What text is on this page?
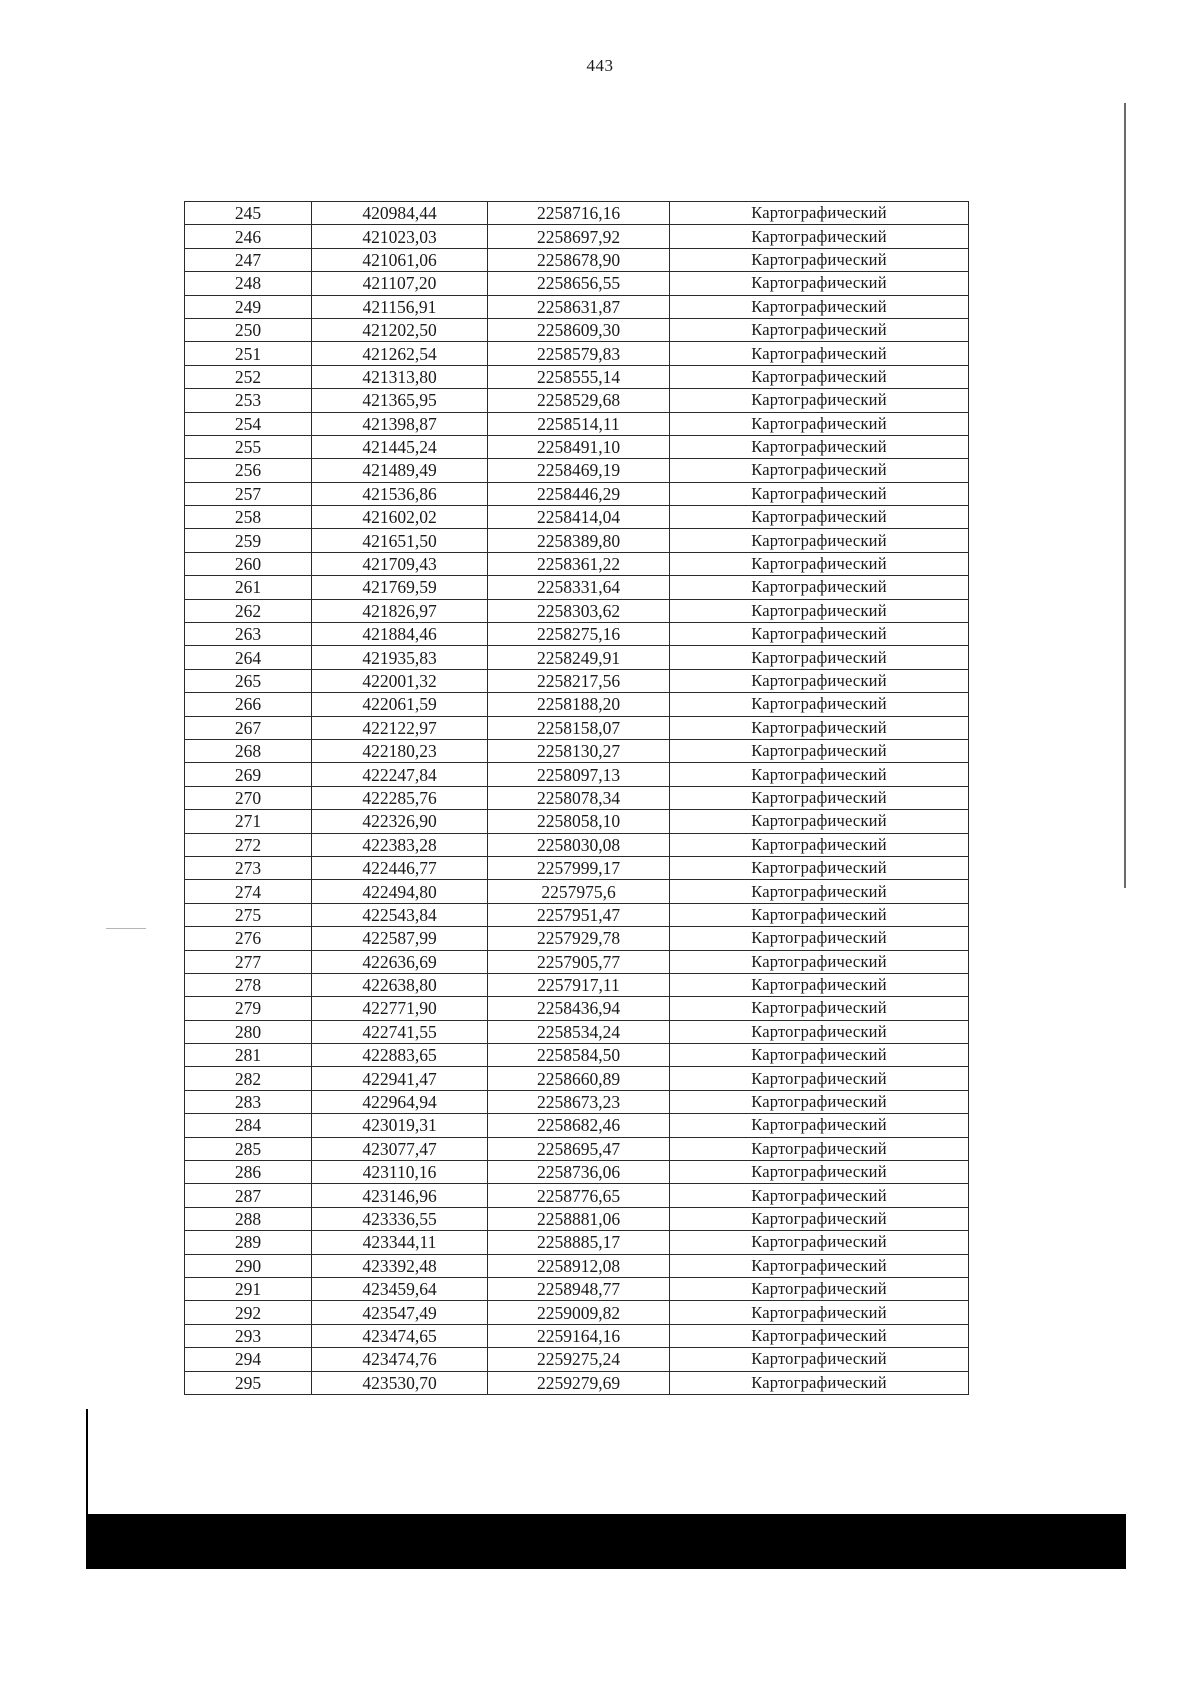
443
245	420984,44	2258716,16	Картографический
246	421023,03	2258697,92	Картографический
247	421061,06	2258678,90	Картографический
248	421107,20	2258656,55	Картографический
249	421156,91	2258631,87	Картографический
250	421202,50	2258609,30	Картографический
251	421262,54	2258579,83	Картографический
252	421313,80	2258555,14	Картографический
253	421365,95	2258529,68	Картографический
254	421398,87	2258514,11	Картографический
255	421445,24	2258491,10	Картографический
256	421489,49	2258469,19	Картографический
257	421536,86	2258446,29	Картографический
258	421602,02	2258414,04	Картографический
259	421651,50	2258389,80	Картографический
260	421709,43	2258361,22	Картографический
261	421769,59	2258331,64	Картографический
262	421826,97	2258303,62	Картографический
263	421884,46	2258275,16	Картографический
264	421935,83	2258249,91	Картографический
265	422001,32	2258217,56	Картографический
266	422061,59	2258188,20	Картографический
267	422122,97	2258158,07	Картографический
268	422180,23	2258130,27	Картографический
269	422247,84	2258097,13	Картографический
270	422285,76	2258078,34	Картографический
271	422326,90	2258058,10	Картографический
272	422383,28	2258030,08	Картографический
273	422446,77	2257999,17	Картографический
274	422494,80	2257975,6	Картографический
275	422543,84	2257951,47	Картографический
276	422587,99	2257929,78	Картографический
277	422636,69	2257905,77	Картографический
278	422638,80	2257917,11	Картографический
279	422771,90	2258436,94	Картографический
280	422741,55	2258534,24	Картографический
281	422883,65	2258584,50	Картографический
282	422941,47	2258660,89	Картографический
283	422964,94	2258673,23	Картографический
284	423019,31	2258682,46	Картографический
285	423077,47	2258695,47	Картографический
286	423110,16	2258736,06	Картографический
287	423146,96	2258776,65	Картографический
288	423336,55	2258881,06	Картографический
289	423344,11	2258885,17	Картографический
290	423392,48	2258912,08	Картографический
291	423459,64	2258948,77	Картографический
292	423547,49	2259009,82	Картографический
293	423474,65	2259164,16	Картографический
294	423474,76	2259275,24	Картографический
295	423530,70	2259279,69	Картографический
